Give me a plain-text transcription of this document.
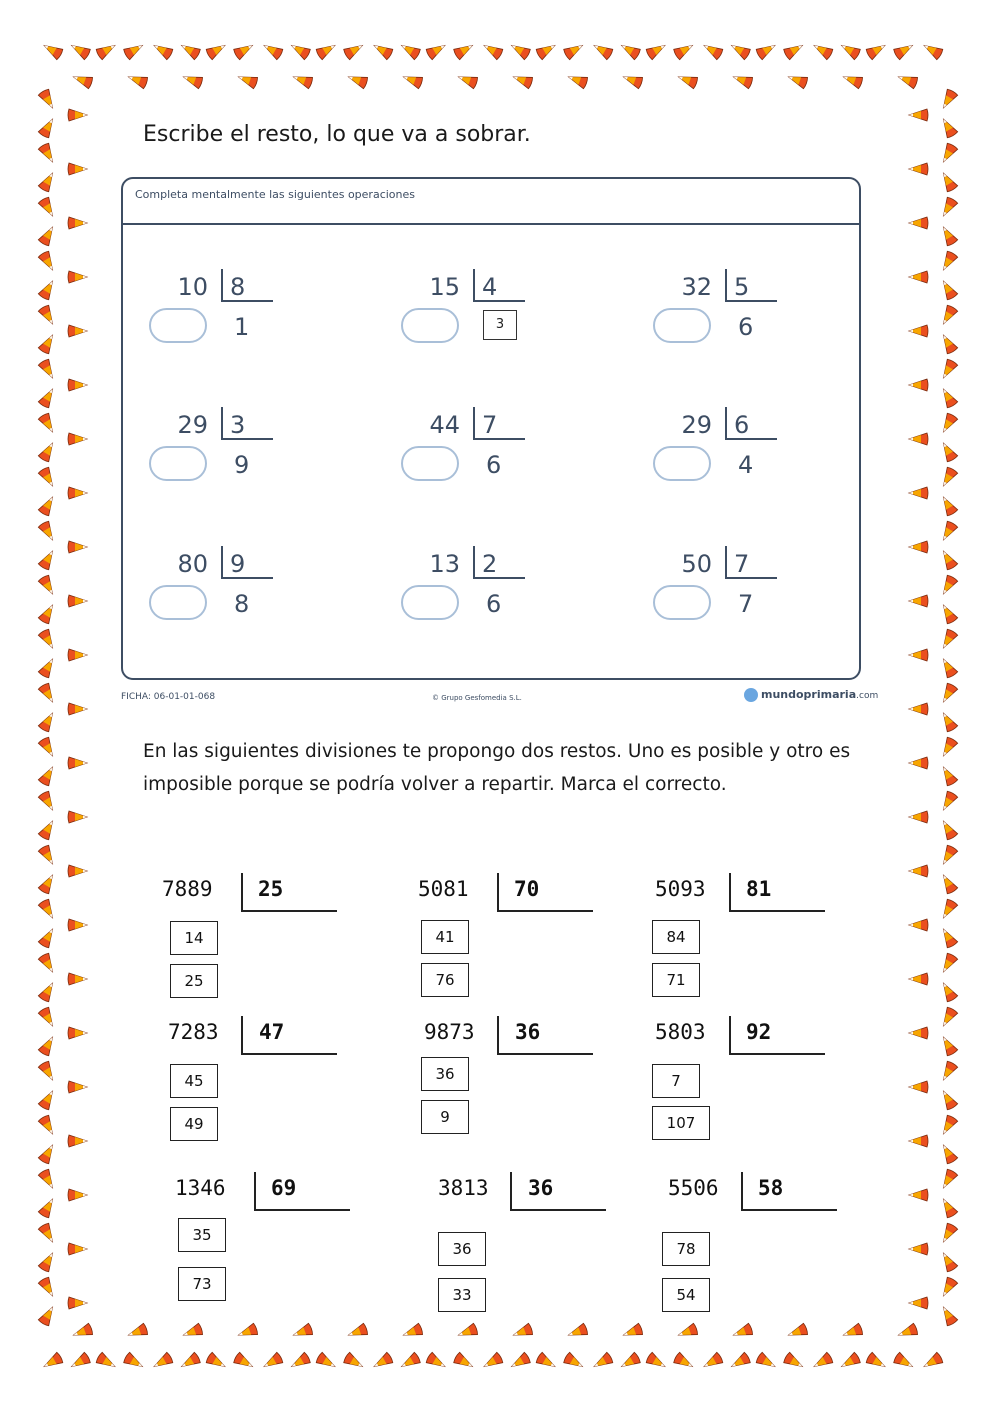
Escribe el resto, lo que va a sobrar.
Completa mentalmente las siguientes operaciones
10 8
1
15 4
3
32 5
6
29 3
9
44 7
6
29 6
4
80 9
8
13 2
6
50 7
7
FICHA: 06-01-01-068	© Grupo Gesfomedia S.L.	mundoprimaria.com
En las siguientes divisiones te propongo dos restos. Uno es posible y otro es imposible porque se podría volver a repartir. Marca el correcto.
7889 25
14
25
5081 70
41
76
5093 81
84
71
7283 47
45
49
9873 36
36
9
5803 92
7
107
1346 69
35
73
3813 36
36
33
5506 58
78
54
